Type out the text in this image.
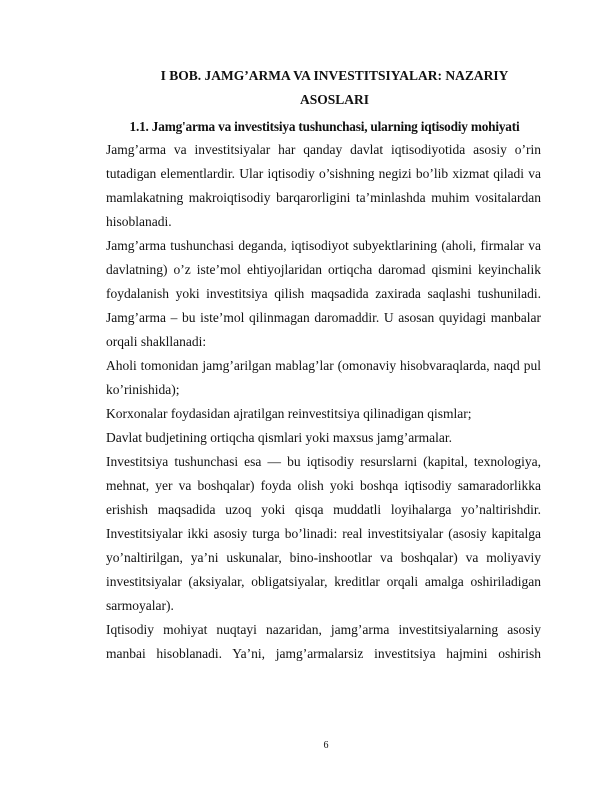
I BOB. JAMG’ARMA VA INVESTITSIYALAR: NAZARIY ASOSLARI
1.1. Jamg'arma va investitsiya tushunchasi, ularning iqtisodiy mohiyati

Jamg’arma va investitsiyalar har qanday davlat iqtisodiyotida asosiy o’rin tutadigan elementlardir. Ular iqtisodiy o’sishning negizi bo’lib xizmat qiladi va mamlakatning makroiqtisodiy barqarorligini ta’minlashda muhim vositalardan hisoblanadi.

Jamg’arma tushunchasi deganda, iqtisodiyot subyektlarining (aholi, firmalar va davlatning) o’z iste’mol ehtiyojlaridan ortiqcha daromad qismini keyinchalik foydalanish yoki investitsiya qilish maqsadida zaxirada saqlashi tushuniladi. Jamg’arma – bu iste’mol qilinmagan daromaddir. U asosan quyidagi manbalar orqali shakllanadi:

Aholi tomonidan jamg’arilgan mablag’lar (omonaviy hisobvaraqlarda, naqd pul ko’rinishida);

Korxonalar foydasidan ajratilgan reinvestitsiya qilinadigan qismlar;

Davlat budjetining ortiqcha qismlari yoki maxsus jamg’armalar.

Investitsiya tushunchasi esa — bu iqtisodiy resurslarni (kapital, texnologiya, mehnat, yer va boshqalar) foyda olish yoki boshqa iqtisodiy samaradorlikka erishish maqsadida uzoq yoki qisqa muddatli loyihalarga yo’naltirishdir. Investitsiyalar ikki asosiy turga bo’linadi: real investitsiyalar (asosiy kapitalga yo’naltirilgan, ya’ni uskunalar, bino-inshootlar va boshqalar) va moliyaviy investitsiyalar (aksiyalar, obligatsiyalar, kreditlar orqali amalga oshiriladigan sarmoyalar).

Iqtisodiy mohiyat nuqtayi nazaridan, jamg’arma investitsiyalarning asosiy manbai hisoblanadi. Ya’ni, jamg’armalarsiz investitsiya hajmini oshirish

6
